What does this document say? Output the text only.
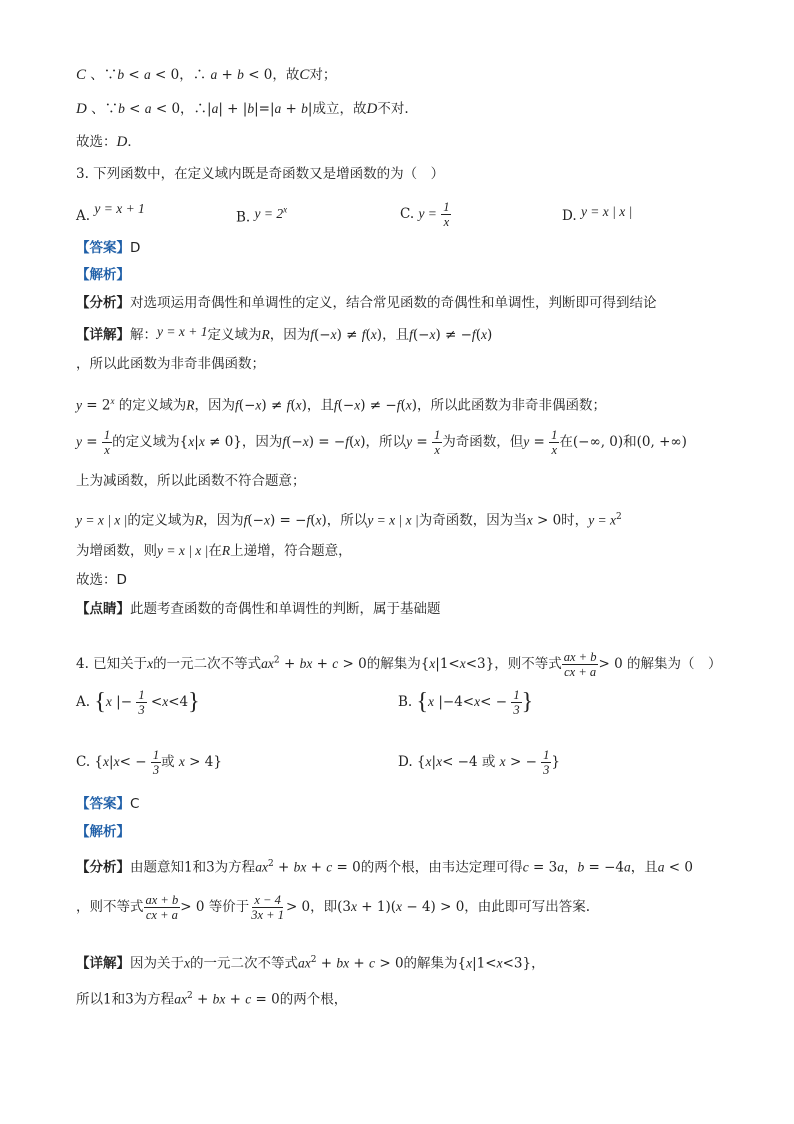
C 、∵b < a < 0，∴ a + b < 0，故C对；
D 、∵b < a < 0，∴|a| + |b|=|a + b|成立，故D不对.
故选：D．
3. 下列函数中，在定义域内既是奇函数又是增函数的为（　）
A. y = x + 1
B. $y = 2^x$	C. $y = \frac{1}{x}$	D. y = x | x |
【答案】D
【解析】
【分析】对选项运用奇偶性和单调性的定义，结合常见函数的奇偶性和单调性，判断即可得到结论
【详解】解：y = x + 1定义域为R，因为f(−x) ≠ f(x)，且f(−x) ≠ −f(x)
，所以此函数为非奇非偶函数；
$y = 2^x$ 的定义域为R，因为f(−x) ≠ f(x)，且f(−x) ≠ −f(x)，所以此函数为非奇非偶函数；
$y = \frac{1}{x}$ 的定义域为{x|x ≠ 0}，因为f(−x) = −f(x)，所以$y = \frac{1}{x}$ 为奇函数，但$y = \frac{1}{x}$ 在(−∞, 0)和(0, +∞)
上为减函数，所以此函数不符合题意；
y = x | x |的定义域为R，因为f(−x) = −f(x)，所以y = x | x |为奇函数，因为当x > 0时，$y = x^2$
为增函数，则y = x | x |在R上递增，符合题意，
故选：D
【点睛】此题考查函数的奇偶性和单调性的判断，属于基础题
4. 已知关于x的一元二次不等式$ax^2$ + bx + c > 0的解集为{x|1<x<3}，则不等式 $\frac{ax + b}{cx + a} > 0$ 的解集为（　）
A. {x |− $\frac{1}{3} <x<4$}	B. {x $|-4<x< - \frac{1}{3}$ }
C. {$x|x< - \frac{1}{3}$ 或 x > 4}	D. {x|x< −4 或 x > − $\frac{1}{3}$ }
【答案】C
【解析】
【分析】由题意知1和3为方程$ax^2$ + bx + c = 0的两个根，由韦达定理可得c = 3a，b = −4a，且a < 0
，则不等式 $\frac{ax + b}{cx + a} > 0$ 等价于 $\frac{x - 4}{3x + 1} > 0$，即(3x + 1)(x − 4) > 0，由此即可写出答案.
【详解】因为关于x的一元二次不等式$ax^2$ + bx + c > 0的解集为{x|1<x<3}，
所以1和3为方程$ax^2$ + bx + c = 0的两个根，
